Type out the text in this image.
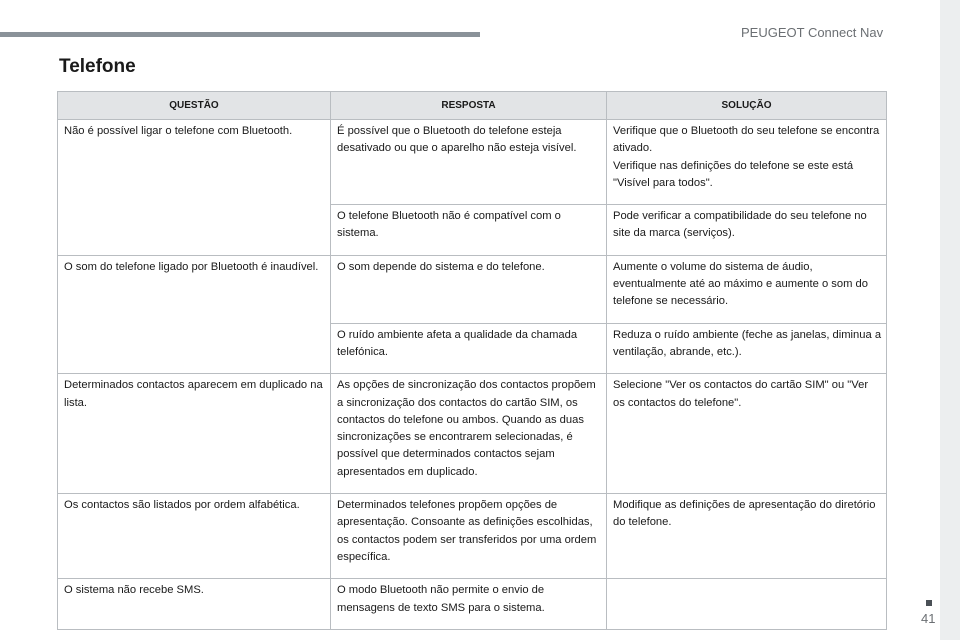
PEUGEOT Connect Nav
41
Telefone
QUESTÃO	RESPOSTA	SOLUÇÃO

Não é possível ligar o telefone com Bluetooth.	É possível que o Bluetooth do telefone esteja desativado ou que o aparelho não esteja visível.	Verifique que o Bluetooth do seu telefone se encontra ativado.
Verifique nas definições do telefone se este está "Visível para todos".

	O telefone Bluetooth não é compatível com o sistema.	Pode verificar a compatibilidade do seu telefone no site da marca (serviços).

O som do telefone ligado por Bluetooth é inaudível.	O som depende do sistema e do telefone.	Aumente o volume do sistema de áudio, eventualmente até ao máximo e aumente o som do telefone se necessário.

	O ruído ambiente afeta a qualidade da chamada telefónica.	Reduza o ruído ambiente (feche as janelas, diminua a ventilação, abrande, etc.).

Determinados contactos aparecem em duplicado na lista.	As opções de sincronização dos contactos propõem a sincronização dos contactos do cartão SIM, os contactos do telefone ou ambos. Quando as duas sincronizações se encontrarem selecionadas, é possível que determinados contactos sejam apresentados em duplicado.	Selecione "Ver os contactos do cartão SIM" ou "Ver os contactos do telefone".

Os contactos são listados por ordem alfabética.	Determinados telefones propõem opções de apresentação. Consoante as definições escolhidas, os contactos podem ser transferidos por uma ordem específica.	Modifique as definições de apresentação do diretório do telefone.

O sistema não recebe SMS.	O modo Bluetooth não permite o envio de mensagens de texto SMS para o sistema.	
